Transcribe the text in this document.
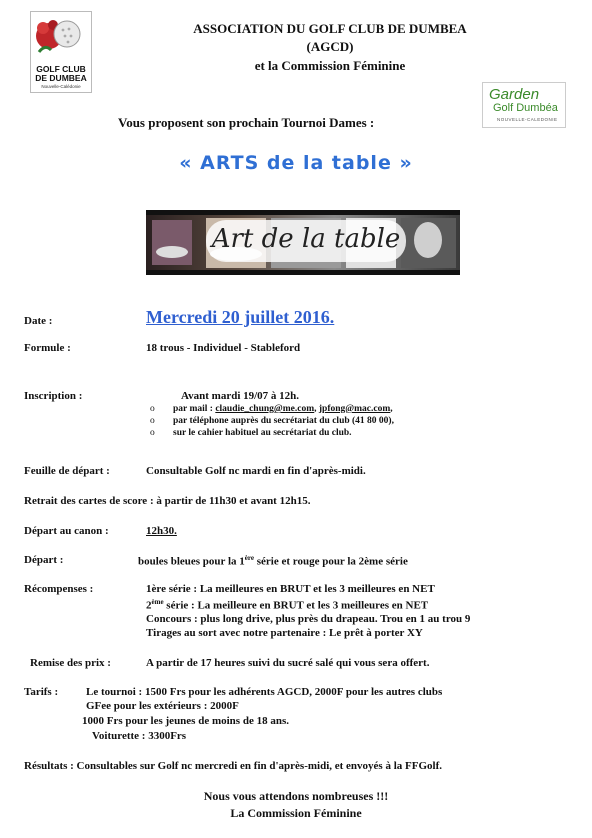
GOLF CLUB
DE DUMBEA
Nouvelle-Calédonie
ASSOCIATION DU GOLF CLUB DE DUMBEA
(AGCD)
et la Commission Féminine
Garden
Golf Dumbéa
NOUVELLE-CALEDONIE
Vous proposent son prochain Tournoi Dames :
« ARTS de la table »
Art de la table
Date :	Mercredi 20 juillet 2016.
Formule :	18 trous - Individuel - Stableford
Inscription :	Avant mardi 19/07 à 12h.
o	par mail : claudie_chung@me.com, jpfong@mac.com,
o	par téléphone auprès du secrétariat du club (41 80 00),
o	sur le cahier habituel au secrétariat du club.
Feuille de départ :	Consultable Golf nc mardi en fin d'après-midi.
Retrait des cartes de score : à partir de 11h30 et avant 12h15.
Départ au canon :	12h30.
Départ :	boules bleues pour la 1ère série et rouge pour la 2ème série
Récompenses :	1ère série : La meilleures en BRUT et les 3 meilleures en NET
2ème série : La meilleure en BRUT et les 3 meilleures en NET
Concours : plus long drive, plus près du drapeau. Trou en 1 au trou 9
Tirages au sort avec notre partenaire : Le prêt à porter XY
Remise des prix :	A partir de 17 heures suivi du sucré salé qui vous sera offert.
Tarifs :	Le tournoi : 1500 Frs pour les adhérents AGCD, 2000F pour les autres clubs
GFee pour les extérieurs : 2000F
1000 Frs pour les jeunes de moins de 18 ans.
Voiturette : 3300Frs
Résultats : Consultables sur Golf nc mercredi en fin d'après-midi, et envoyés à la FFGolf.
Nous vous attendons nombreuses !!!
La Commission Féminine
